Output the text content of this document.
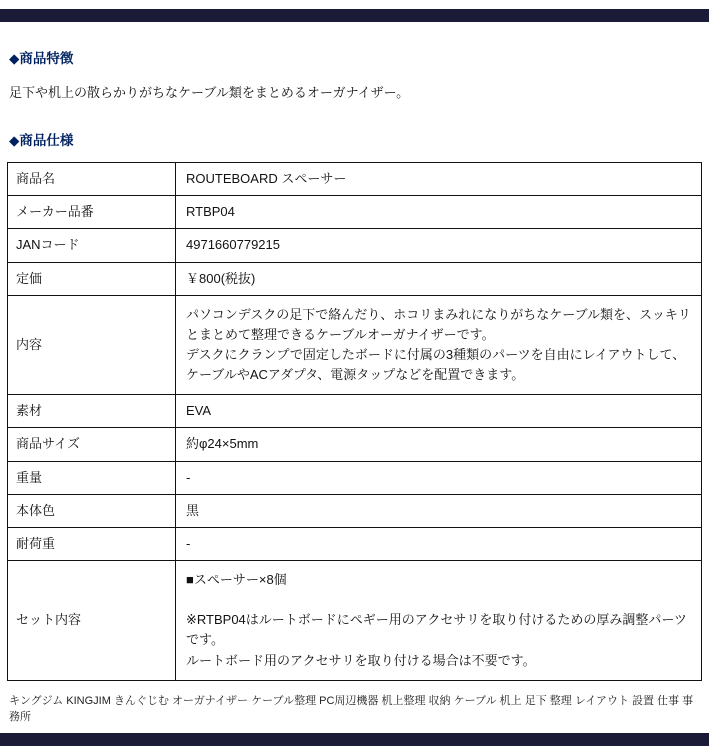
◆商品特徴

足下や机上の散らかりがちなケーブル類をまとめるオーガナイザー。

◆商品仕様
商品名	ROUTEBOARD スペーサー
メーカー品番	RTBP04
JANコード	4971660779215
定価	￥800(税抜)
内容	パソコンデスクの足下で絡んだり、ホコリまみれになりがちなケーブル類を、スッキリとまとめて整理できるケーブルオーガナイザーです。
デスクにクランプで固定したボードに付属の3種類のパーツを自由にレイアウトして、ケーブルやACアダプタ、電源タップなどを配置できます。
素材	EVA
商品サイズ	約φ24×5mm
重量	-
本体色	黒
耐荷重	-
セット内容	■スペーサー×8個

※RTBP04はルートボードにペギー用のアクセサリを取り付けるための厚み調整パーツです。
ルートボード用のアクセサリを取り付ける場合は不要です。

キングジム KINGJIM きんぐじむ オーガナイザー ケーブル整理 PC周辺機器 机上整理 収納 ケーブル 机上 足下 整理 レイアウト 設置 仕事 事務所
